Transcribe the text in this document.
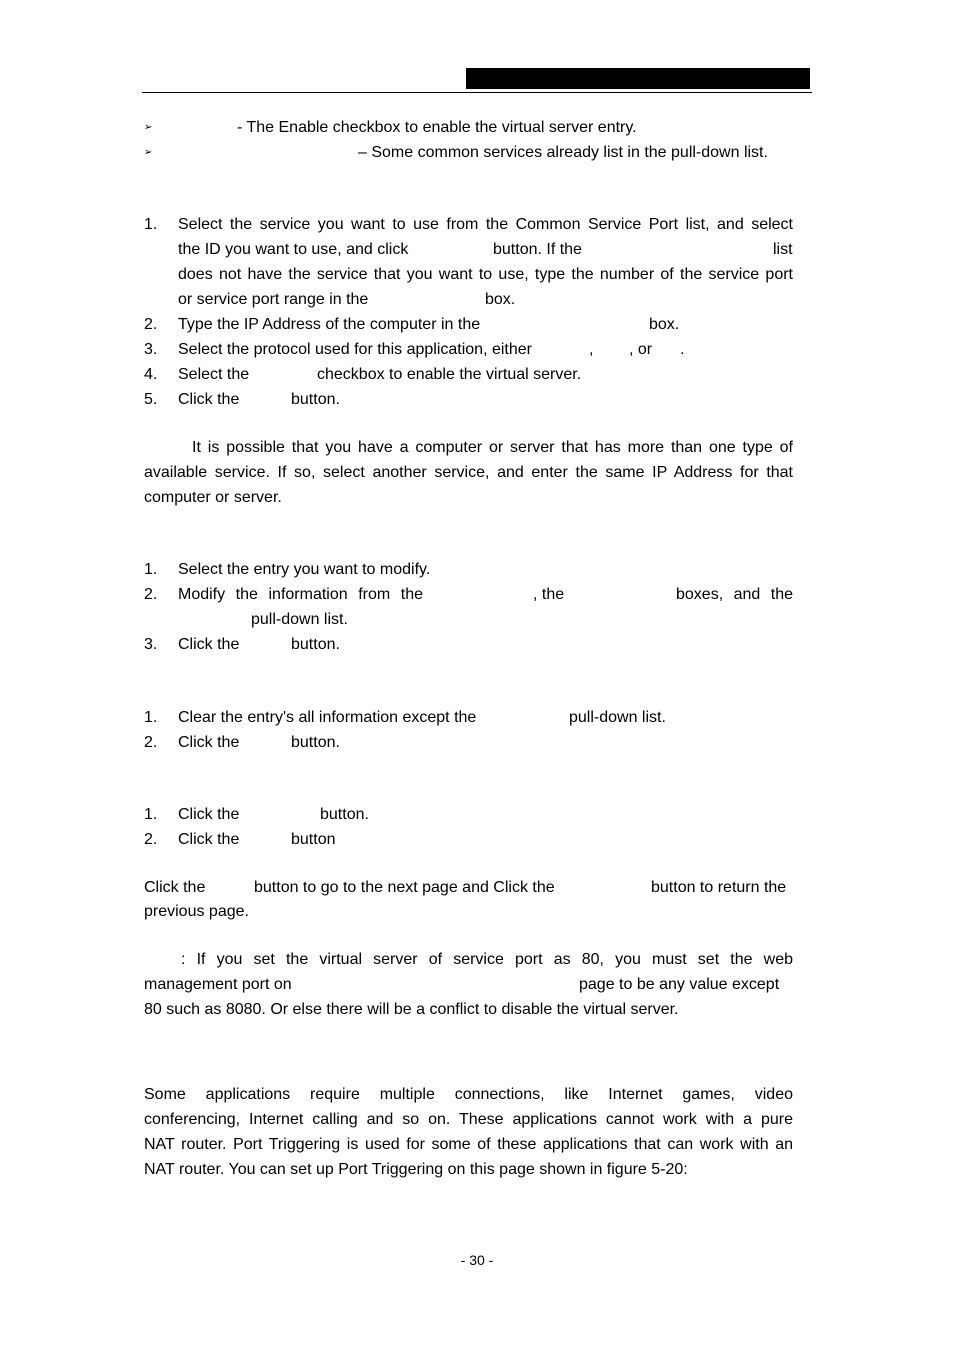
➢	- The Enable checkbox to enable the virtual server entry.
➢	– Some common services already list in the pull-down list.
1. Select the service you want to use from the Common Service Port list, and select
the ID you want to use, and click	button. If the	list
does not have the service that you want to use, type the number of the service port
or service port range in the	box.
2. Type the IP Address of the computer in the	box.
3. Select the protocol used for this application, either	, , or .
4. Select the	checkbox to enable the virtual server.
5. Click the	button.
It is possible that you have a computer or server that has more than one type of
available service. If so, select another service, and enter the same IP Address for that
computer or server.
1. Select the entry you want to modify.
2. Modify the information from the	, the	boxes, and the
pull-down list.
3. Click the	button.
1. Clear the entry's all information except the	pull-down list.
2. Click the	button.
1. Click the	button.
2. Click the	button
Click the	button to go to the next page and Click the	button to return the
previous page.
: If you set the virtual server of service port as 80, you must set the web
management port on	page to be any value except
80 such as 8080. Or else there will be a conflict to disable the virtual server.
Some applications require multiple connections, like Internet games, video
conferencing, Internet calling and so on. These applications cannot work with a pure
NAT router. Port Triggering is used for some of these applications that can work with an
NAT router. You can set up Port Triggering on this page shown in figure 5-20:
- 30 -
